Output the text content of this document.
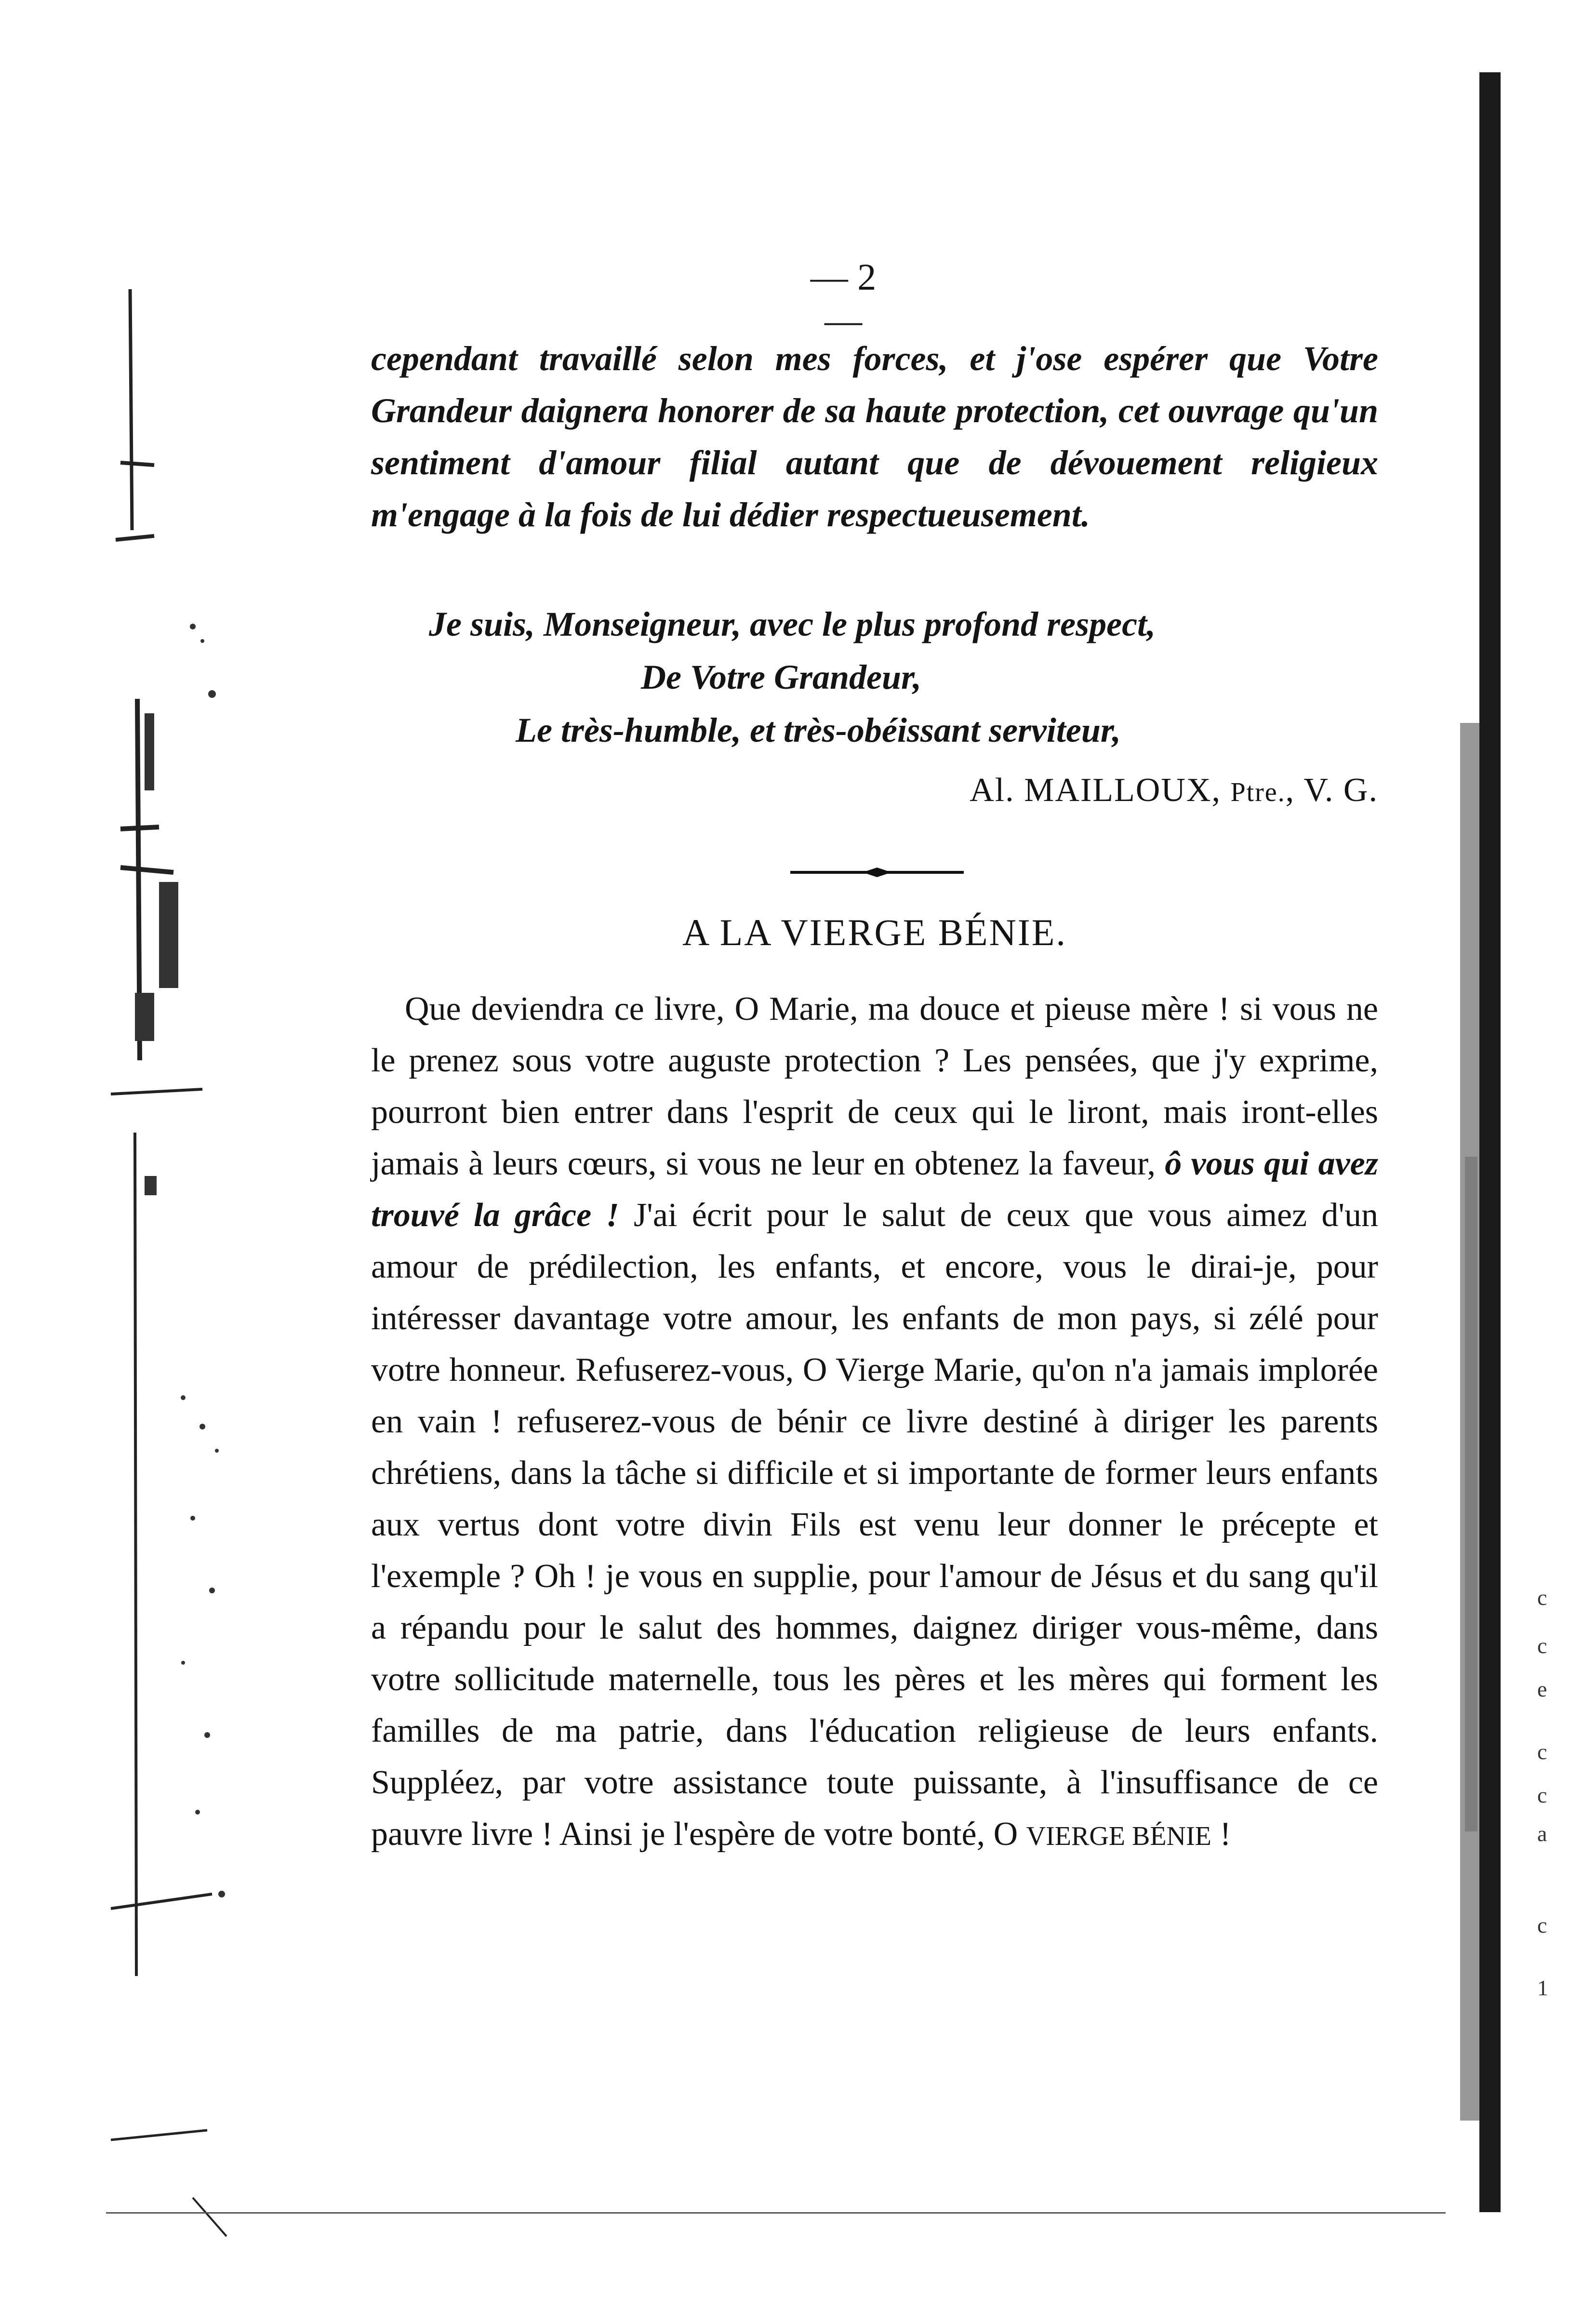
c
c
e
c
c
a
c
1
— 2 —

cependant travaillé selon mes forces, et j'ose espérer que Votre Grandeur daignera honorer de sa haute protection, cet ouvrage qu'un sentiment d'amour filial autant que de dévouement religieux m'engage à la fois de lui dédier respectueusement.

Je suis, Monseigneur, avec le plus profond respect,
De Votre Grandeur,
Le très-humble, et très-obéissant serviteur,
Al. MAILLOUX, Ptre., V. G.
A LA VIERGE BÉNIE.

Que deviendra ce livre, O Marie, ma douce et pieuse mère ! si vous ne le prenez sous votre auguste protection ? Les pensées, que j'y exprime, pourront bien entrer dans l'esprit de ceux qui le liront, mais iront-elles jamais à leurs cœurs, si vous ne leur en obtenez la faveur, ô vous qui avez trouvé la grâce ! J'ai écrit pour le salut de ceux que vous aimez d'un amour de prédilection, les enfants, et encore, vous le dirai-je, pour intéresser davantage votre amour, les enfants de mon pays, si zélé pour votre honneur. Refuserez-vous, O Vierge Marie, qu'on n'a jamais implorée en vain ! refuserez-vous de bénir ce livre destiné à diriger les parents chrétiens, dans la tâche si difficile et si importante de former leurs enfants aux vertus dont votre divin Fils est venu leur donner le précepte et l'exemple ? Oh ! je vous en supplie, pour l'amour de Jésus et du sang qu'il a répandu pour le salut des hommes, daignez diriger vous-même, dans votre sollicitude maternelle, tous les pères et les mères qui forment les familles de ma patrie, dans l'éducation religieuse de leurs enfants. Suppléez, par votre assistance toute puissante, à l'insuffisance de ce pauvre livre ! Ainsi je l'espère de votre bonté, O VIERGE BÉNIE !
